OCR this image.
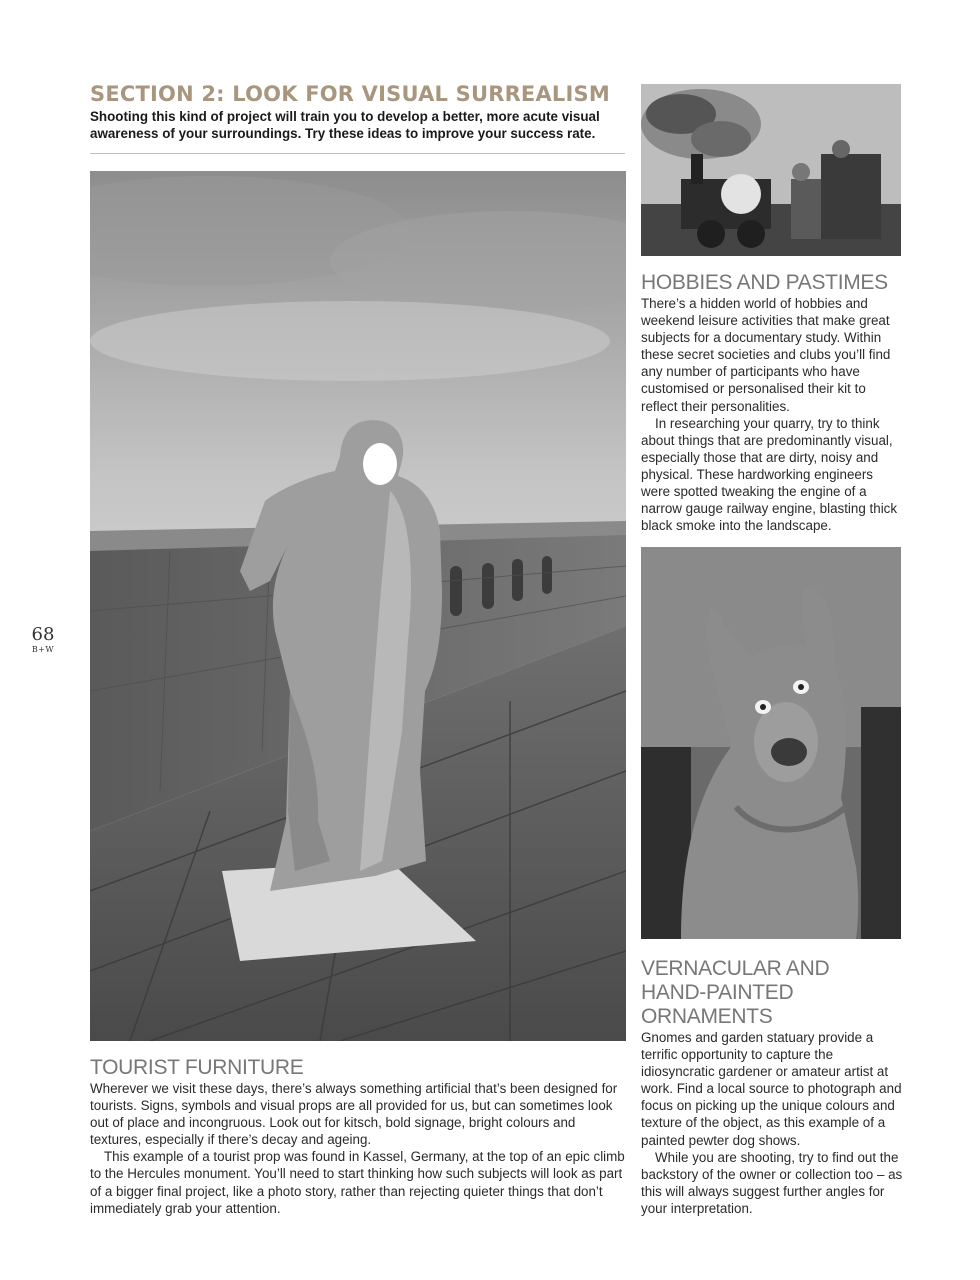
SECTION 2: LOOK FOR VISUAL SURREALISM
Shooting this kind of project will train you to develop a better, more acute visual awareness of your surroundings. Try these ideas to improve your success rate.
68
B+W
HOBBIES AND PASTIMES

There’s a hidden world of hobbies and weekend leisure activities that make great subjects for a documentary study. Within these secret societies and clubs you’ll find any number of participants who have customised or personalised their kit to reflect their personalities.

In researching your quarry, try to think about things that are predominantly visual, especially those that are dirty, noisy and physical. These hardworking engineers were spotted tweaking the engine of a narrow gauge railway engine, blasting thick black smoke into the landscape.

VERNACULAR AND
HAND-PAINTED
ORNAMENTS

Gnomes and garden statuary provide a terrific opportunity to capture the idiosyncratic gardener or amateur artist at work. Find a local source to photograph and focus on picking up the unique colours and texture of the object, as this example of a painted pewter dog shows.

While you are shooting, try to find out the backstory of the owner or collection too – as this will always suggest further angles for your interpretation.

TOURIST FURNITURE

Wherever we visit these days, there’s always something artificial that’s been designed for tourists. Signs, symbols and visual props are all provided for us, but can sometimes look out of place and incongruous. Look out for kitsch, bold signage, bright colours and textures, especially if there’s decay and ageing.

This example of a tourist prop was found in Kassel, Germany, at the top of an epic climb to the Hercules monument. You’ll need to start thinking how such subjects will look as part of a bigger final project, like a photo story, rather than rejecting quieter things that don’t immediately grab your attention.
